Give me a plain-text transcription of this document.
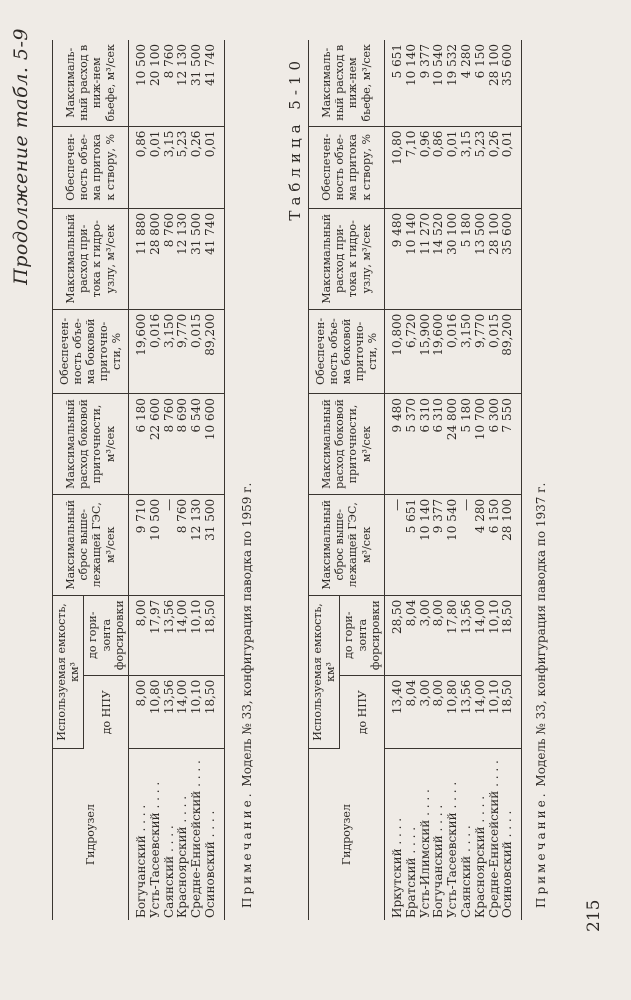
Продолжение табл. 5-9
Гидроузел	Используемая емкость, км³		Максимальный сброс выше-лежащей ГЭС, м³/сек	Максимальный расход боковой приточности, м³/сек	Обеспечен-ность объе-ма боковой приточно-сти, %	Максимальный расход при-тока к гидро-узлу, м³/сек	Обеспечен-ность объе-ма притока к створу, %	Максималь-ный расход в ниж-нем бьефе, м³/сек
	до НПУ	до гори-зонта форсировки						
Богучанский . . . .	8,00	8,00	9 710	6 180	19,600	11 880	0,86	10 500
Усть-Тасеевский . . . .	10,80	17,97	10 500	22 600	0,016	28 800	0,01	20 100
Саянский . . . .	13,56	13,56	—	8 760	3,150	8 760	3,15	8 760
Красноярский . . . .	14,00	14,00	8 760	8 690	9,770	12 130	5,23	12 130
Средне-Енисейский . . . .	10,10	10,10	12 130	6 540	0,015	31 500	0,26	31 500
Осиновский . . . .	18,50	18,50	31 500	10 600	89,200	41 740	0,01	41 740
Примечание. Модель № 33, конфигурация паводка по 1959 г.
Таблица 5-10
Гидроузел	Используемая емкость, км³		Максимальный сброс выше-лежащей ГЭС, м³/сек	Максимальный расход боковой приточности, м³/сек	Обеспечен-ность объе-ма боковой приточно-сти, %	Максимальный расход при-тока к гидро-узлу, м³/сек	Обеспечен-ность объе-ма притока к створу, %	Максималь-ный расход в ниж-нем бьефе, м³/сек
	до НПУ	до гори-зонта форсировки						
Иркутский . . . .	13,40	28,50	—	9 480	10,800	9 480	10,80	5 651
Братский . . . .	8,04	8,04	5 651	5 370	6,720	10 140	7,10	10 140
Усть-Илимский . . . .	3,00	3,00	10 140	6 310	15,900	11 270	0,96	9 377
Богучанский . . . .	8,00	8,00	9 377	6 310	19,600	14 520	0,86	10 540
Усть-Тасеевский . . . .	10,80	17,80	10 540	24 800	0,016	30 100	0,01	19 532
Саянский . . . .	13,56	13,56	—	5 180	3,150	5 180	3,15	4 280
Красноярский . . . .	14,00	14,00	4 280	10 700	9,770	13 500	5,23	6 150
Средне-Енисейский . . . .	10,10	10,10	6 150	6 300	0,015	28 100	0,26	28 100
Осиновский . . . .	18,50	18,50	28 100	7 550	89,200	35 600	0,01	35 600
Примечание. Модель № 33, конфигурация паводка по 1937 г.
215
